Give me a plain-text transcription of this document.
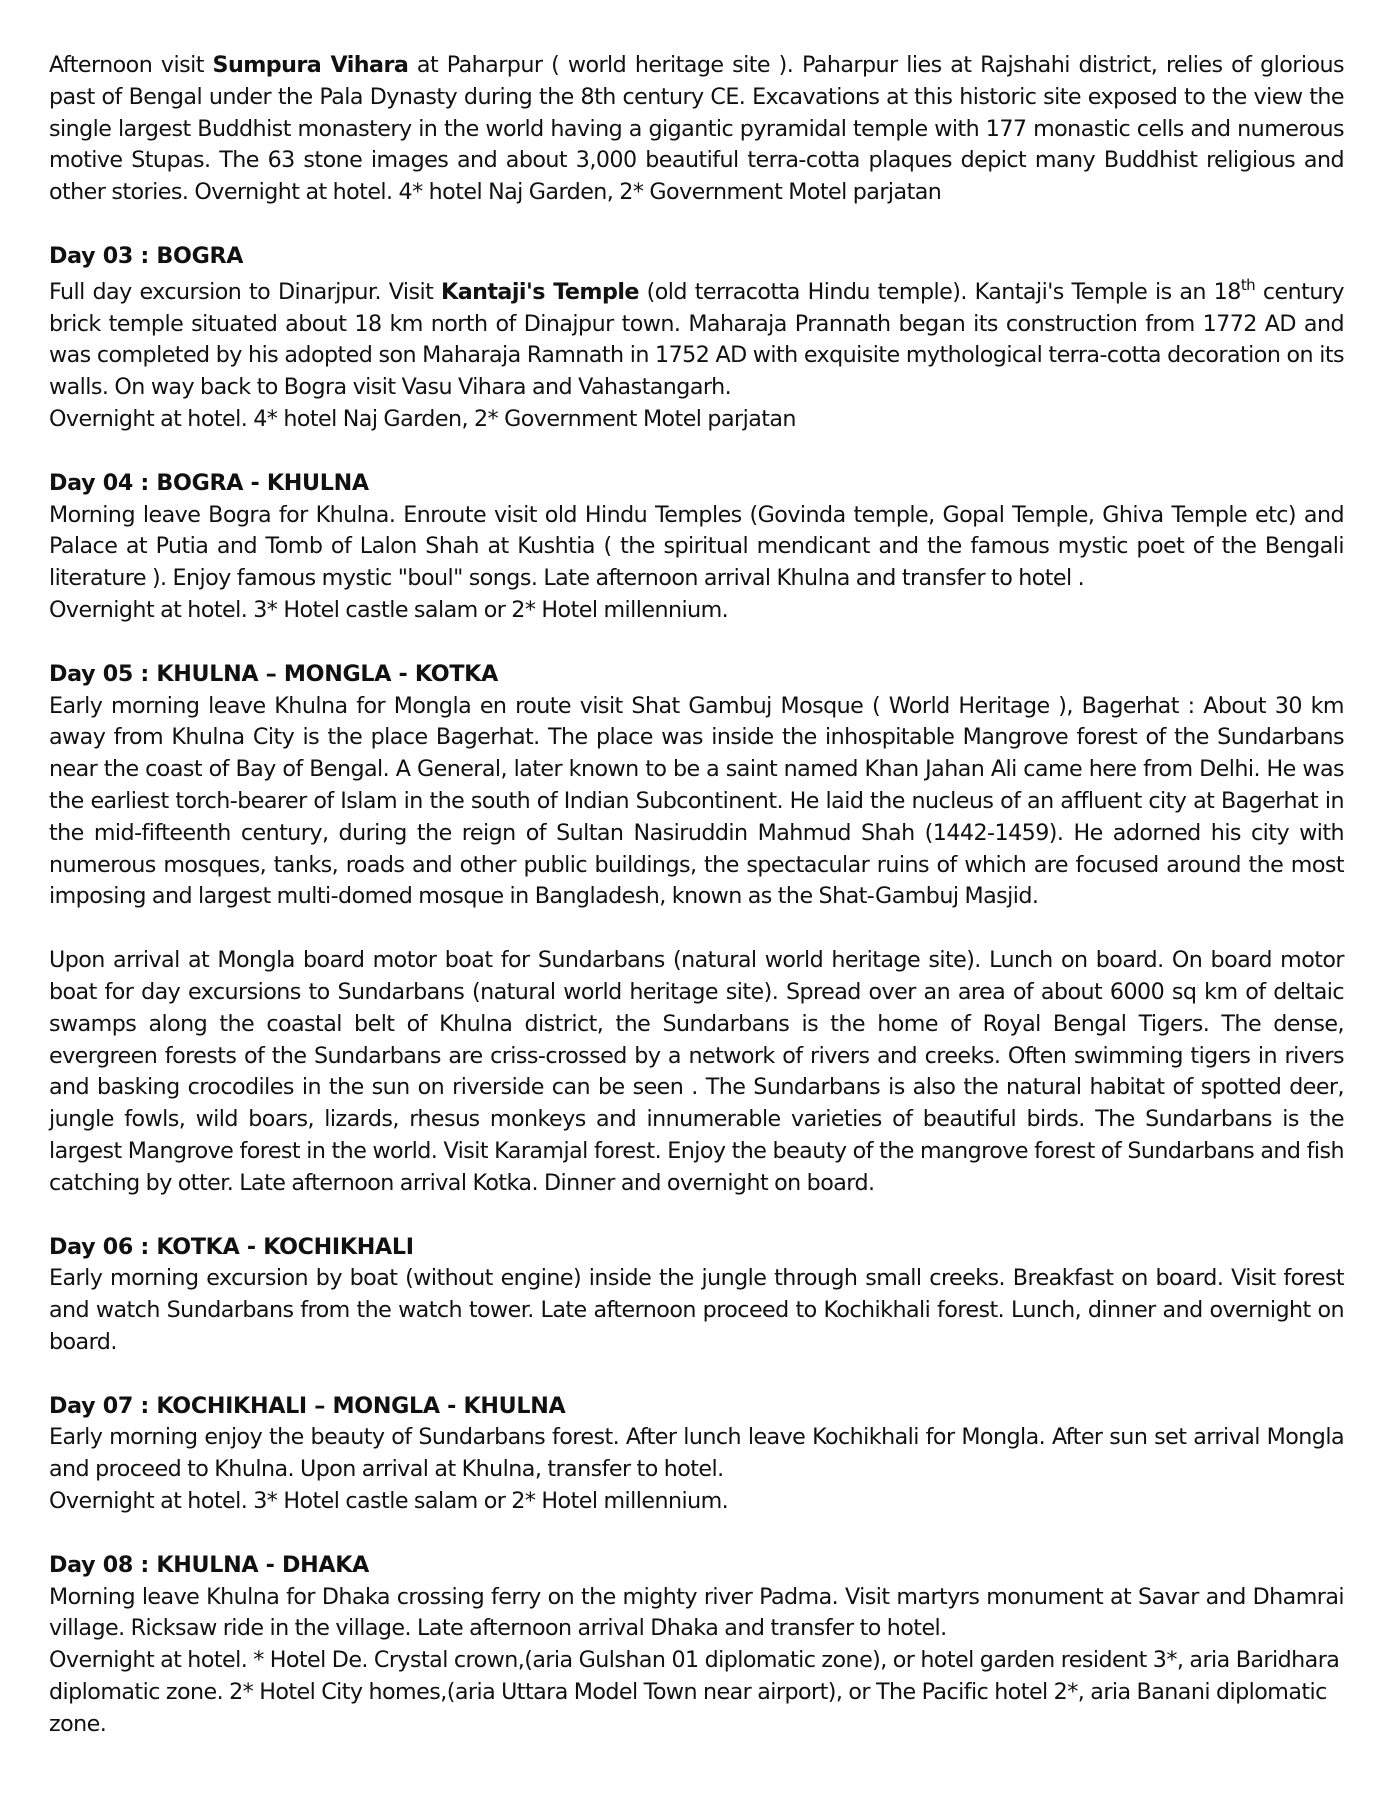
Afternoon visit Sumpura Vihara at Paharpur ( world heritage site ). Paharpur lies at Rajshahi district, relies of glorious past of Bengal under the Pala Dynasty during the 8th century CE. Excavations at this historic site exposed to the view the single largest Buddhist monastery in the world having a gigantic pyramidal temple with 177 monastic cells and numerous motive Stupas. The 63 stone images and about 3,000 beautiful terra-cotta plaques depict many Buddhist religious and other stories. Overnight at hotel. 4* hotel Naj Garden, 2* Government Motel parjatan

Day 03 : BOGRA

Full day excursion to Dinarjpur. Visit Kantaji's Temple (old terracotta Hindu temple). Kantaji's Temple is an 18th century brick temple situated about 18 km north of Dinajpur town. Maharaja Prannath began its construction from 1772 AD and was completed by his adopted son Maharaja Ramnath in 1752 AD with exquisite mythological terra-cotta decoration on its walls. On way back to Bogra visit Vasu Vihara and Vahastangarh.

Overnight at hotel. 4* hotel Naj Garden, 2* Government Motel parjatan

Day 04 : BOGRA - KHULNA

Morning leave Bogra for Khulna. Enroute visit old Hindu Temples (Govinda temple, Gopal Temple, Ghiva Temple etc) and Palace at Putia and Tomb of Lalon Shah at Kushtia ( the spiritual mendicant and the famous mystic poet of the Bengali literature ). Enjoy famous mystic "boul" songs. Late afternoon arrival Khulna and transfer to hotel .

Overnight at hotel. 3* Hotel castle salam or 2* Hotel millennium.

Day 05 : KHULNA – MONGLA - KOTKA

Early morning leave Khulna for Mongla en route visit Shat Gambuj Mosque ( World Heritage ), Bagerhat : About 30 km away from Khulna City is the place Bagerhat. The place was inside the inhospitable Mangrove forest of the Sundarbans near the coast of Bay of Bengal. A General, later known to be a saint named Khan Jahan Ali came here from Delhi. He was the earliest torch-bearer of Islam in the south of Indian Subcontinent. He laid the nucleus of an affluent city at Bagerhat in the mid-fifteenth century, during the reign of Sultan Nasiruddin Mahmud Shah (1442-1459). He adorned his city with numerous mosques, tanks, roads and other public buildings, the spectacular ruins of which are focused around the most imposing and largest multi-domed mosque in Bangladesh, known as the Shat-Gambuj Masjid.

Upon arrival at Mongla board motor boat for Sundarbans (natural world heritage site). Lunch on board. On board motor boat for day excursions to Sundarbans (natural world heritage site). Spread over an area of about 6000 sq km of deltaic swamps along the coastal belt of Khulna district, the Sundarbans is the home of Royal Bengal Tigers. The dense, evergreen forests of the Sundarbans are criss-crossed by a network of rivers and creeks. Often swimming tigers in rivers and basking crocodiles in the sun on riverside can be seen . The Sundarbans is also the natural habitat of spotted deer, jungle fowls, wild boars, lizards, rhesus monkeys and innumerable varieties of beautiful birds. The Sundarbans is the largest Mangrove forest in the world. Visit Karamjal forest. Enjoy the beauty of the mangrove forest of Sundarbans and fish catching by otter. Late afternoon arrival Kotka. Dinner and overnight on board.

Day 06 : KOTKA - KOCHIKHALI

Early morning excursion by boat (without engine) inside the jungle through small creeks. Breakfast on board. Visit forest and watch Sundarbans from the watch tower. Late afternoon proceed to Kochikhali forest. Lunch, dinner and overnight on board.

Day 07 : KOCHIKHALI – MONGLA - KHULNA

Early morning enjoy the beauty of Sundarbans forest. After lunch leave Kochikhali for Mongla. After sun set arrival Mongla and proceed to Khulna. Upon arrival at Khulna, transfer to hotel.

Overnight at hotel. 3* Hotel castle salam or 2* Hotel millennium.

Day 08 : KHULNA - DHAKA

Morning leave Khulna for Dhaka crossing ferry on the mighty river Padma. Visit martyrs monument at Savar and Dhamrai village. Ricksaw ride in the village. Late afternoon arrival Dhaka and transfer to hotel.

Overnight at hotel. * Hotel De. Crystal crown,(aria Gulshan 01 diplomatic zone), or hotel garden resident 3*, aria Baridhara diplomatic zone. 2* Hotel City homes,(aria Uttara Model Town near airport), or The Pacific hotel 2*, aria Banani diplomatic zone.
